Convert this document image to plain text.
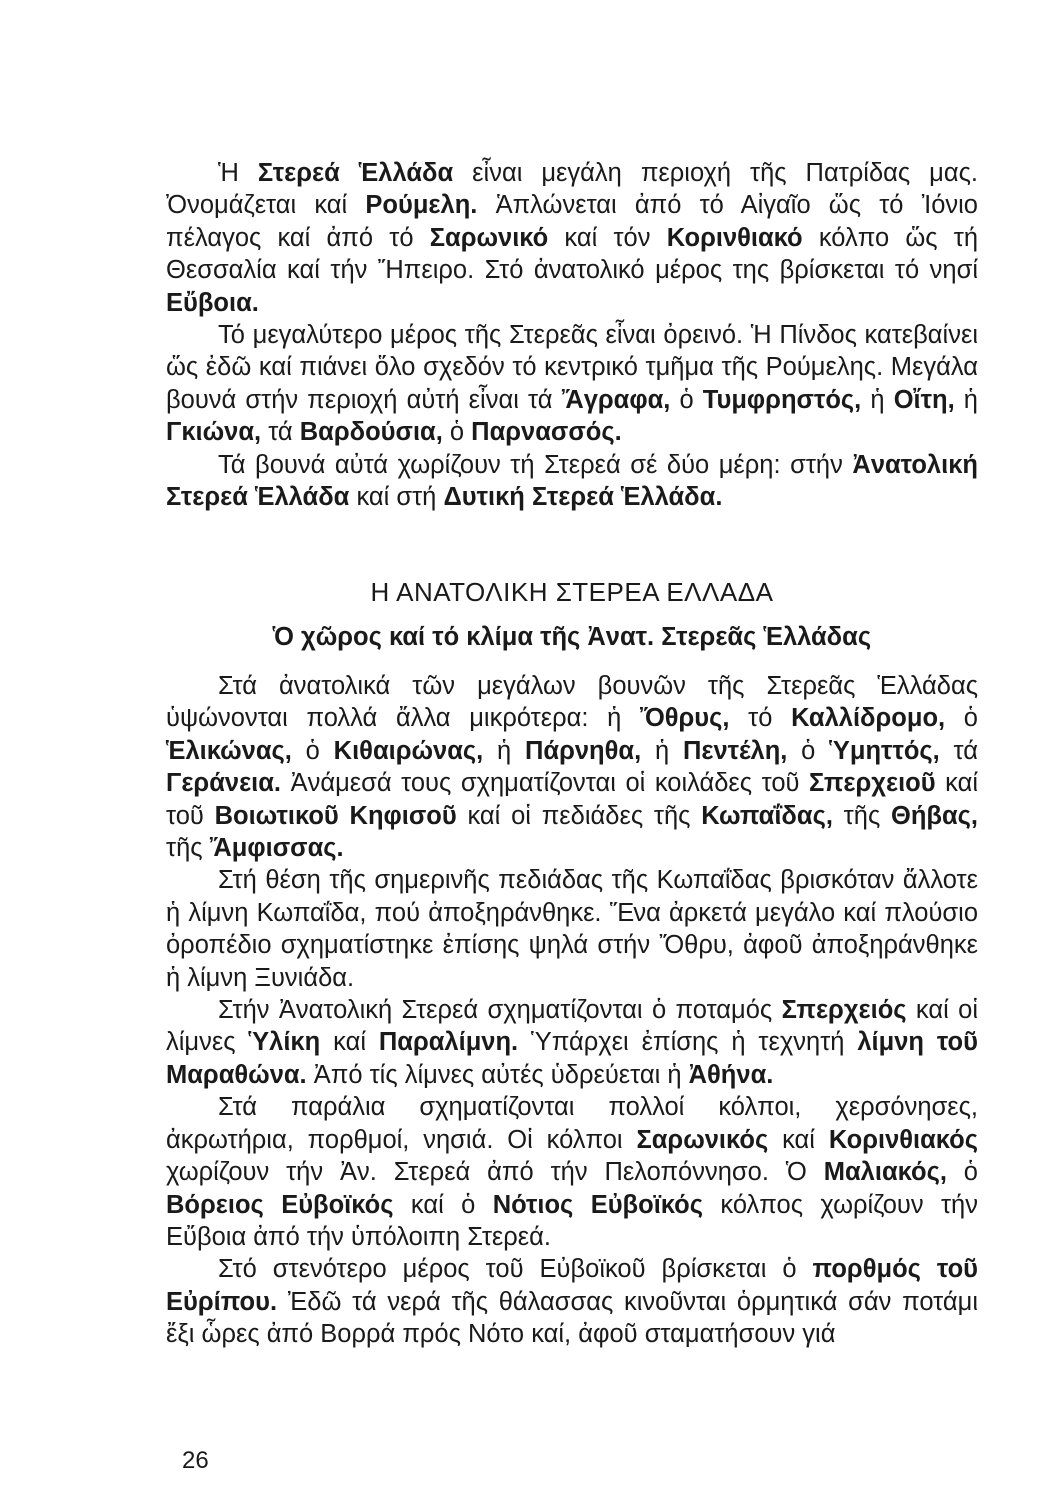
Ἡ Στερεά Ἑλλάδα εἶναι μεγάλη περιοχή τῆς Πατρίδας μας. Ὀνομάζεται καί Ρούμελη. Ἁπλώνεται ἀπό τό Αἰγαῖο ὥς τό Ἰόνιο πέλαγος καί ἀπό τό Σαρωνικό καί τόν Κορινθιακό κόλπο ὥς τή Θεσσαλία καί τήν Ἤπειρο. Στό ἀνατολικό μέρος της βρίσκεται τό νησί Εὔβοια.

Τό μεγαλύτερο μέρος τῆς Στερεᾶς εἶναι ὀρεινό. Ἡ Πίνδος κατεβαίνει ὥς ἐδῶ καί πιάνει ὅλο σχεδόν τό κεντρικό τμῆμα τῆς Ρούμελης. Μεγάλα βουνά στήν περιοχή αὐτή εἶναι τά Ἄγραφα, ὁ Τυμφρηστός, ἡ Οἴτη, ἡ Γκιώνα, τά Βαρδούσια, ὁ Παρνασσός.

Τά βουνά αὐτά χωρίζουν τή Στερεά σέ δύο μέρη: στήν Ἀνατολική Στερεά Ἑλλάδα καί στή Δυτική Στερεά Ἑλλάδα.

Η ΑΝΑΤΟΛΙΚΗ ΣΤΕΡΕΑ ΕΛΛΑΔΑ
Ὁ χῶρος καί τό κλίμα τῆς Ἀνατ. Στερεᾶς Ἑλλάδας

Στά ἀνατολικά τῶν μεγάλων βουνῶν τῆς Στερεᾶς Ἑλλάδας ὑψώνονται πολλά ἄλλα μικρότερα: ἡ Ὄθρυς, τό Καλλίδρομο, ὁ Ἑλικώνας, ὁ Κιθαιρώνας, ἡ Πάρνηθα, ἡ Πεντέλη, ὁ Ὑμηττός, τά Γεράνεια. Ἀνάμεσά τους σχηματίζονται οἱ κοιλάδες τοῦ Σπερχειοῦ καί τοῦ Βοιωτικοῦ Κηφισοῦ καί οἱ πεδιάδες τῆς Κωπαΐδας, τῆς Θήβας, τῆς Ἄμφισσας.

Στή θέση τῆς σημερινῆς πεδιάδας τῆς Κωπαΐδας βρισκόταν ἄλλοτε ἡ λίμνη Κωπαΐδα, πού ἀποξηράνθηκε. Ἕνα ἀρκετά μεγάλο καί πλούσιο ὀροπέδιο σχηματίστηκε ἐπίσης ψηλά στήν Ὄθρυ, ἀφοῦ ἀποξηράνθηκε ἡ λίμνη Ξυνιάδα.

Στήν Ἀνατολική Στερεά σχηματίζονται ὁ ποταμός Σπερχειός καί οἱ λίμνες Ὑλίκη καί Παραλίμνη. Ὑπάρχει ἐπίσης ἡ τεχνητή λίμνη τοῦ Μαραθώνα. Ἀπό τίς λίμνες αὐτές ὑδρεύεται ἡ Ἀθήνα.

Στά παράλια σχηματίζονται πολλοί κόλποι, χερσόνησες, ἀκρωτήρια, πορθμοί, νησιά. Οἱ κόλποι Σαρωνικός καί Κορινθιακός χωρίζουν τήν Ἀν. Στερεά ἀπό τήν Πελοπόννησο. Ὁ Μαλιακός, ὁ Βόρειος Εὐβοϊκός καί ὁ Νότιος Εὐβοϊκός κόλπος χωρίζουν τήν Εὔβοια ἀπό τήν ὑπόλοιπη Στερεά.

Στό στενότερο μέρος τοῦ Εὐβοϊκοῦ βρίσκεται ὁ πορθμός τοῦ Εὐρίπου. Ἐδῶ τά νερά τῆς θάλασσας κινοῦνται ὁρμητικά σάν ποτάμι ἔξι ὧρες ἀπό Βορρά πρός Νότο καί, ἀφοῦ σταματήσουν γιά

26
